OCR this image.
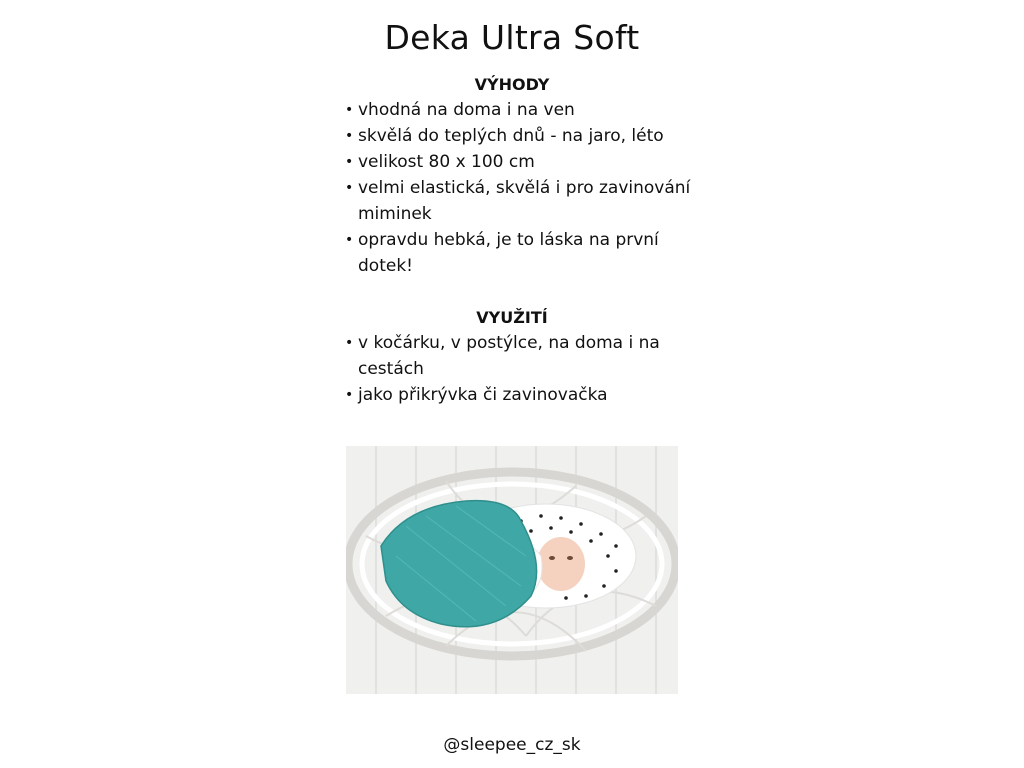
Deka Ultra Soft
VÝHODY
• vhodná na doma i na ven
• skvělá do teplých dnů - na jaro, léto
• velikost 80 x 100 cm
• velmi elastická, skvělá i pro zavinování miminek
• opravdu hebká, je to láska na první dotek!
VYUŽITÍ
• v kočárku, v postýlce, na doma i na cestách
• jako přikrývka či zavinovačka
@sleepee_cz_sk
